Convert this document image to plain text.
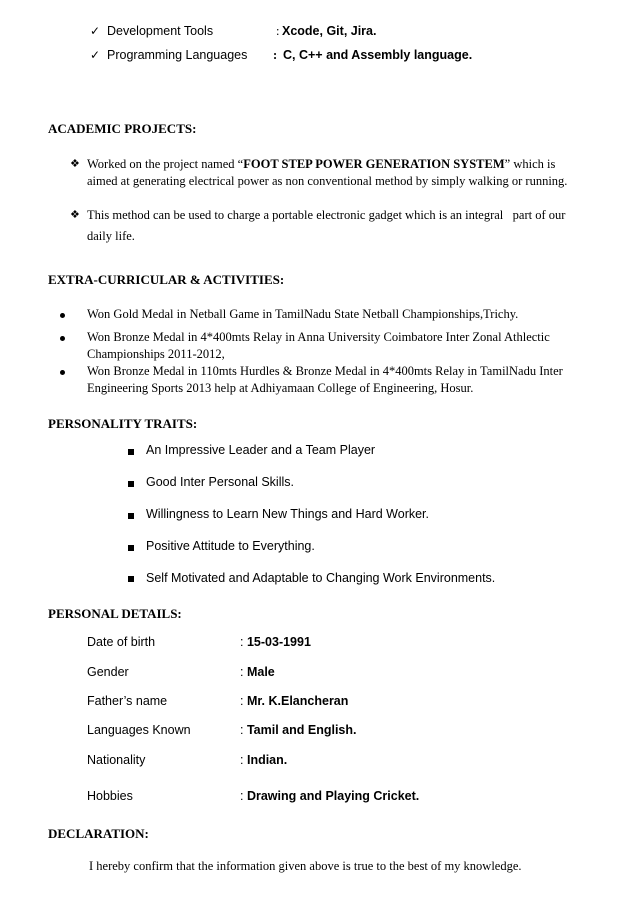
✓ Development Tools	: Xcode, Git, Jira.
✓ Programming Languages : C, C++ and Assembly language.
ACADEMIC PROJECTS:
❖ Worked on the project named “FOOT STEP POWER GENERATION SYSTEM” which is
aimed at generating electrical power as non conventional method by simply walking or running.
❖ This method can be used to charge a portable electronic gadget which is an integral   part of our
daily life.
EXTRA-CURRICULAR & ACTIVITIES:
Won Gold Medal in Netball Game in TamilNadu State Netball Championships,Trichy.
Won Bronze Medal in 4*400mts Relay in Anna University Coimbatore Inter Zonal Athlectic
Championships 2011-2012,
Won Bronze Medal in 110mts Hurdles & Bronze Medal in 4*400mts Relay in TamilNadu Inter
Engineering Sports 2013 help at Adhiyamaan College of Engineering, Hosur.
PERSONALITY TRAITS:
An Impressive Leader and a Team Player
Good Inter Personal Skills.
Willingness to Learn New Things and Hard Worker.
Positive Attitude to Everything.
Self Motivated and Adaptable to Changing Work Environments.
PERSONAL DETAILS:
Date of birth	: 15-03-1991
Gender	: Male
Father’s name	: Mr. K.Elancheran
Languages Known	: Tamil and English.
Nationality	: Indian.
Hobbies	: Drawing and Playing Cricket.
DECLARATION:
I hereby confirm that the information given above is true to the best of my knowledge.
